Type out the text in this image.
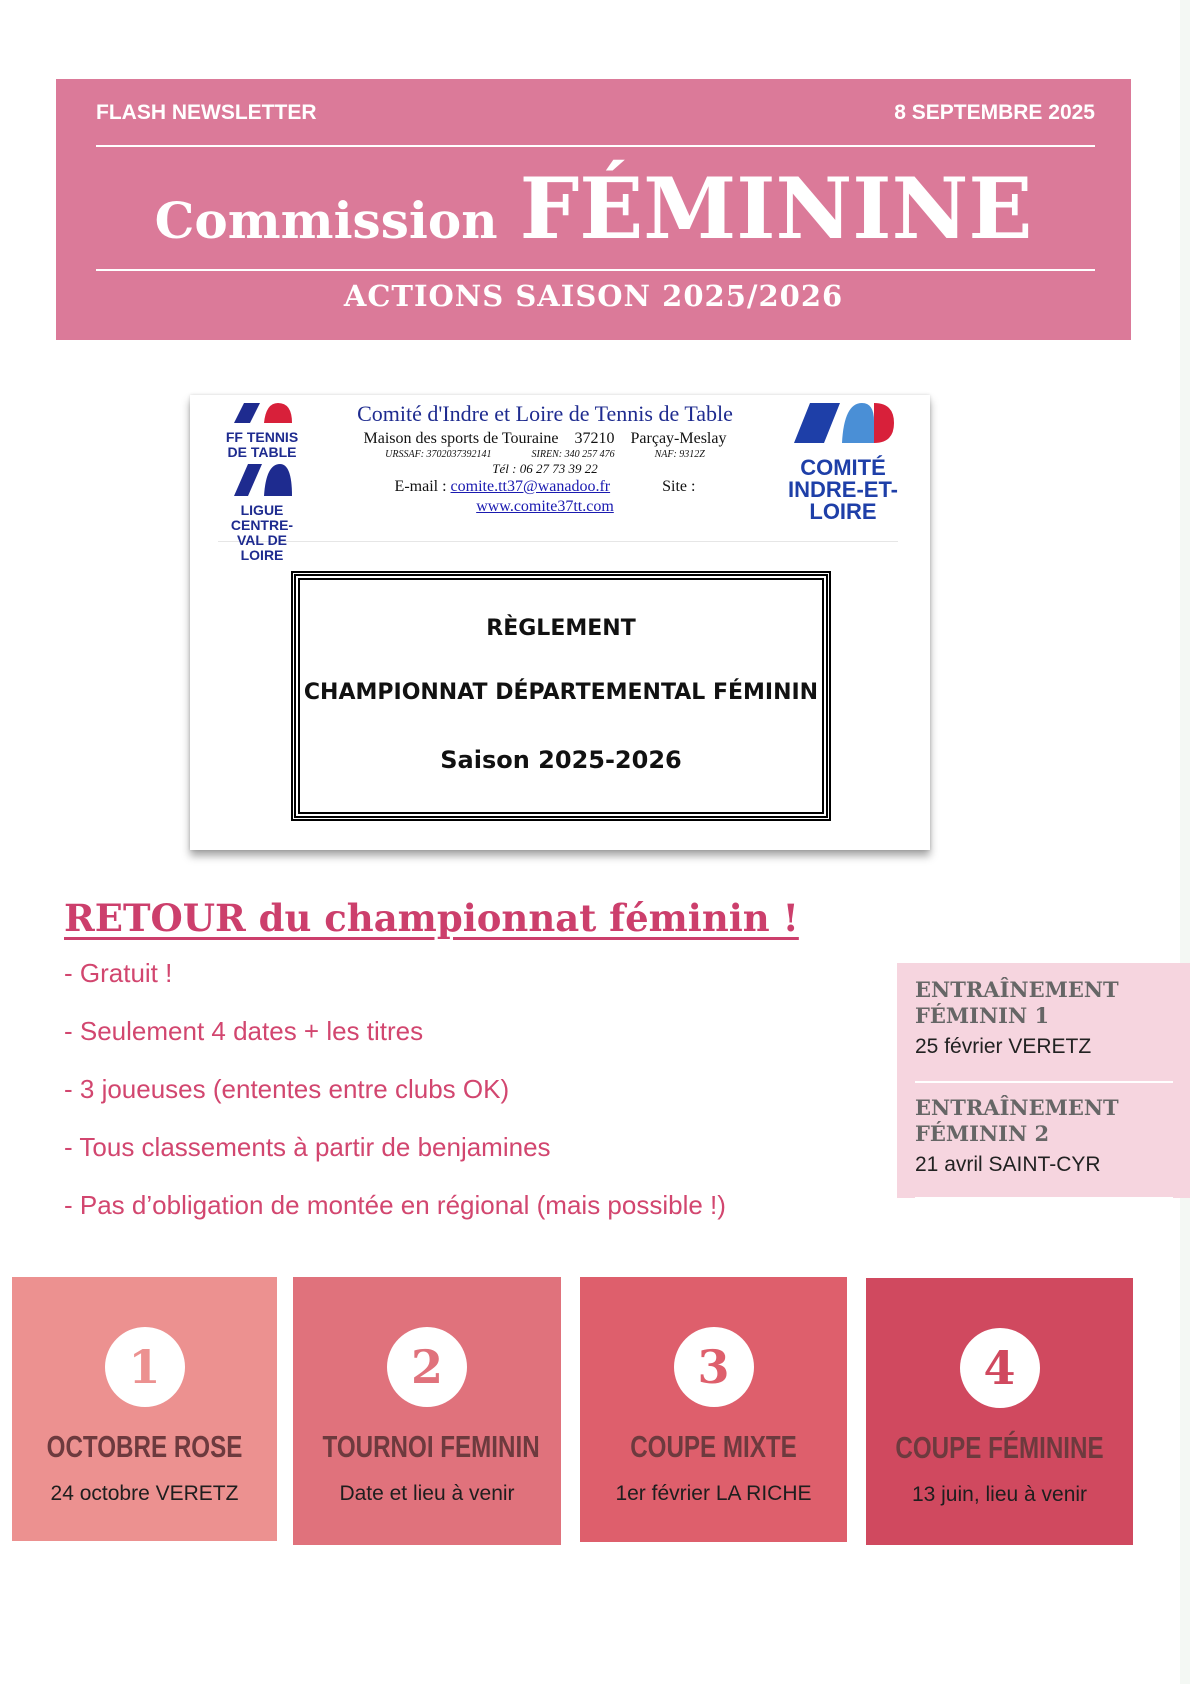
FLASH NEWSLETTER	8 SEPTEMBRE 2025
Commission FÉMININE
ACTIONS SAISON 2025/2026
FF TENNIS DE TABLE
LIGUE CENTRE-VAL DE LOIRE
Comité d'Indre et Loire de Tennis de Table
Maison des sports de Touraine 37210 Parçay-Meslay
URSSAF: 3702037392141	SIREN: 340 257 476	NAF: 9312Z
Tél : 06 27 73 39 22
E-mail : comite.tt37@wanadoo.fr	Site :
www.comite37tt.com
COMITÉ INDRE-ET-LOIRE
RÈGLEMENT
CHAMPIONNAT DÉPARTEMENTAL FÉMININ
Saison 2025-2026
RETOUR du championnat féminin !
- Gratuit !
- Seulement 4 dates + les titres
- 3 joueuses (ententes entre clubs OK)
- Tous classements à partir de benjamines
- Pas d’obligation de montée en régional (mais possible !)
ENTRAÎNEMENT
FÉMININ 1
25 février VERETZ
ENTRAÎNEMENT
FÉMININ 2
21 avril SAINT-CYR
1
OCTOBRE ROSE
24 octobre VERETZ
2
TOURNOI FEMININ
Date et lieu à venir
3
COUPE MIXTE
1er février LA RICHE
4
COUPE FÉMININE
13 juin, lieu à venir
